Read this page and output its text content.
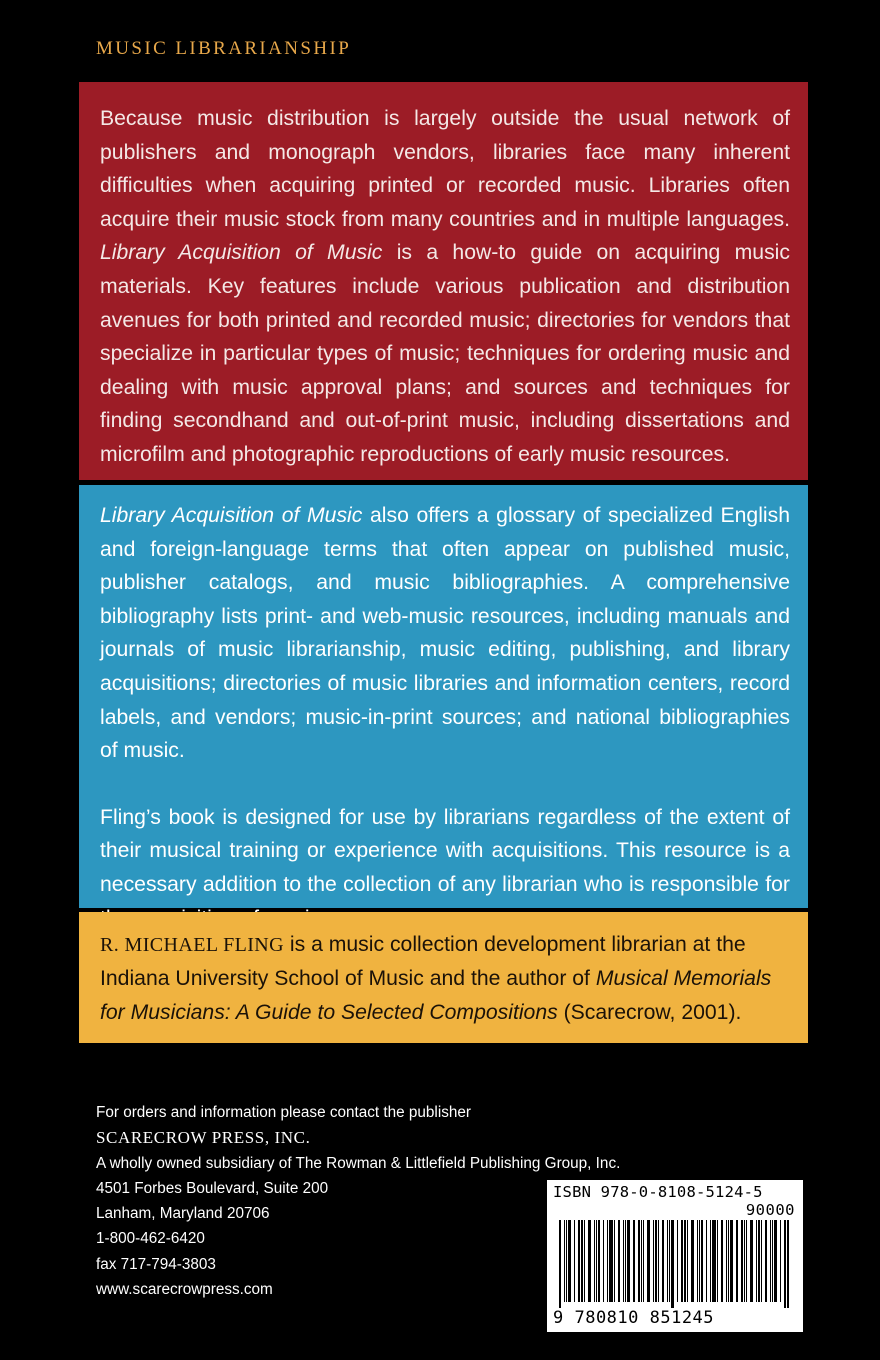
MUSIC LIBRARIANSHIP

Because music distribution is largely outside the usual network of publishers and monograph vendors, libraries face many inherent difficulties when acquiring printed or recorded music. Libraries often acquire their music stock from many countries and in multiple languages. Library Acquisition of Music is a how-to guide on acquiring music materials. Key features include various publication and distribution avenues for both printed and recorded music; directories for vendors that specialize in particular types of music; techniques for ordering music and dealing with music approval plans; and sources and techniques for finding secondhand and out-of-print music, including dissertations and microfilm and photographic reproductions of early music resources.

Library Acquisition of Music also offers a glossary of specialized English and foreign-language terms that often appear on published music, publisher catalogs, and music bibliographies. A comprehensive bibliography lists print- and web-music resources, including manuals and journals of music librarianship, music editing, publishing, and library acquisitions; directories of music libraries and information centers, record labels, and vendors; music-in-print sources; and national bibliographies of music.

Fling’s book is designed for use by librarians regardless of the extent of their musical training or experience with acquisitions. This resource is a necessary addition to the collection of any librarian who is responsible for

R. MICHAEL FLING is a music collection development librarian at the Indiana University School of Music and the author of Musical Memorials for Musicians: A Guide to Selected Compositions (Scarecrow, 2001).

For orders and information please contact the publisher
SCARECROW PRESS, INC.
A wholly owned subsidiary of The Rowman & Littlefield Publishing Group, Inc.
4501 Forbes Boulevard, Suite 200
Lanham, Maryland 20706
1-800-462-6420
fax 717-794-3803
www.scarecrowpress.com
ISBN 978-0-8108-5124-5
90000
9 780810 851245
